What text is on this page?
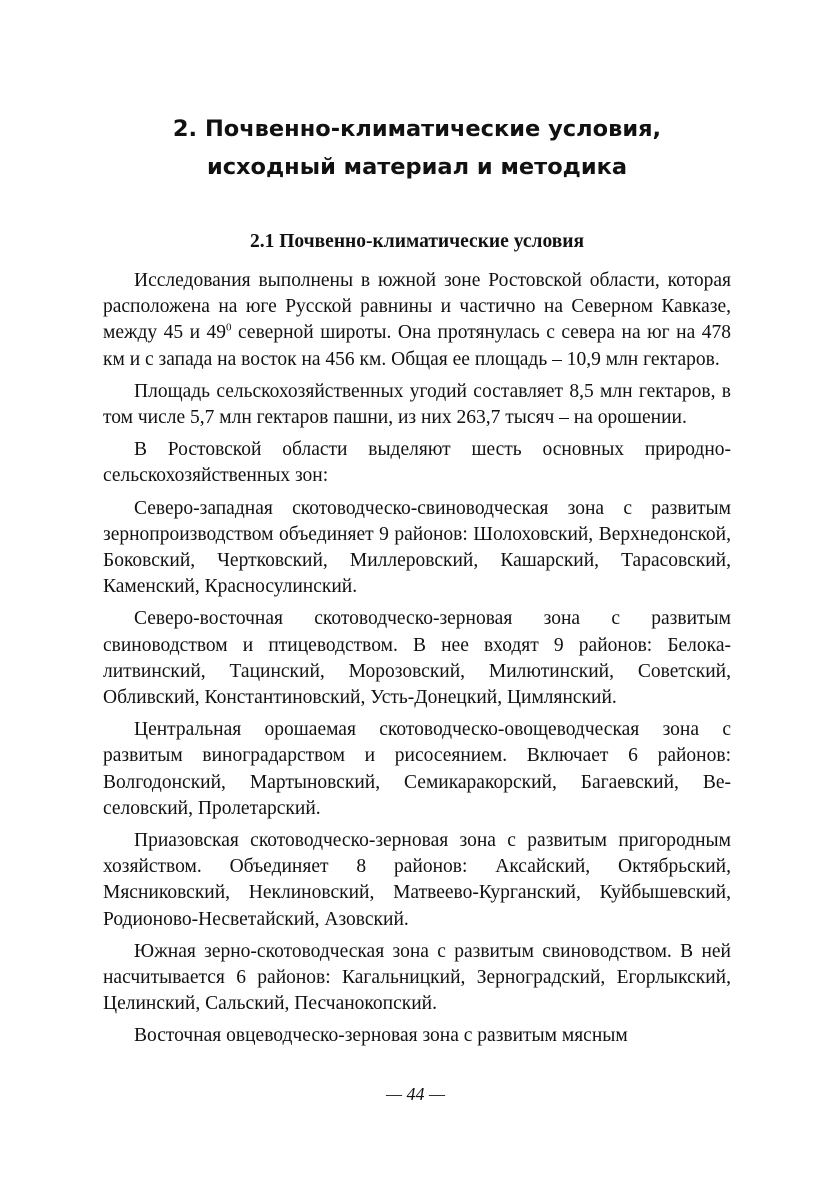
2. Почвенно-климатические условия,
исходный материал и методика
2.1 Почвенно-климатические условия

Исследования выполнены в южной зоне Ростовской области, которая расположена на юге Русской равнины и частично на Северном Кавказе, между 45 и $49^0$ северной широты. Она протянулась с севера на юг на 478 км и с запада на восток на 456 км. Общая ее площадь – 10,9 млн гектаров.

Площадь сельскохозяйственных угодий составляет 8,5 млн гектаров, в том числе 5,7 млн гектаров пашни, из них 263,7 тысяч – на орошении.

В Ростовской области выделяют шесть основных природно-сельскохозяйственных зон:

Северо-западная скотоводческо-свиноводческая зона с развитым зернопроизводством объединяет 9 районов: Шолоховский, Верхнедонской, Боковский, Чертковский, Миллеровский, Кашарский, Тарасовский, Каменский, Красносулинский.

Северо-восточная скотоводческо-зерновая зона с развитым свиноводством и птицеводством. В нее входят 9 районов: Белокалитвинский, Тацинский, Морозовский, Милютинский, Советский, Обливский, Константиновский, Усть-Донецкий, Цимлянский.

Центральная орошаемая скотоводческо-овощеводческая зона с развитым виноградарством и рисосеянием. Включает 6 районов: Волгодонский, Мартыновский, Семикаракорский, Багаевский, Веселовский, Пролетарский.

Приазовская скотоводческо-зерновая зона с развитым пригородным хозяйством. Объединяет 8 районов: Аксайский, Октябрьский, Мясниковский, Неклиновский, Матвеево-Курганский, Куйбышевский, Родионово-Несветайский, Азовский.

Южная зерно-скотоводческая зона с развитым свиноводством. В ней насчитывается 6 районов: Кагальницкий, Зерноградский, Егорлыкский, Целинский, Сальский, Песчанокопский.

Восточная овцеводческо-зерновая зона с развитым мясным

— 44 —
